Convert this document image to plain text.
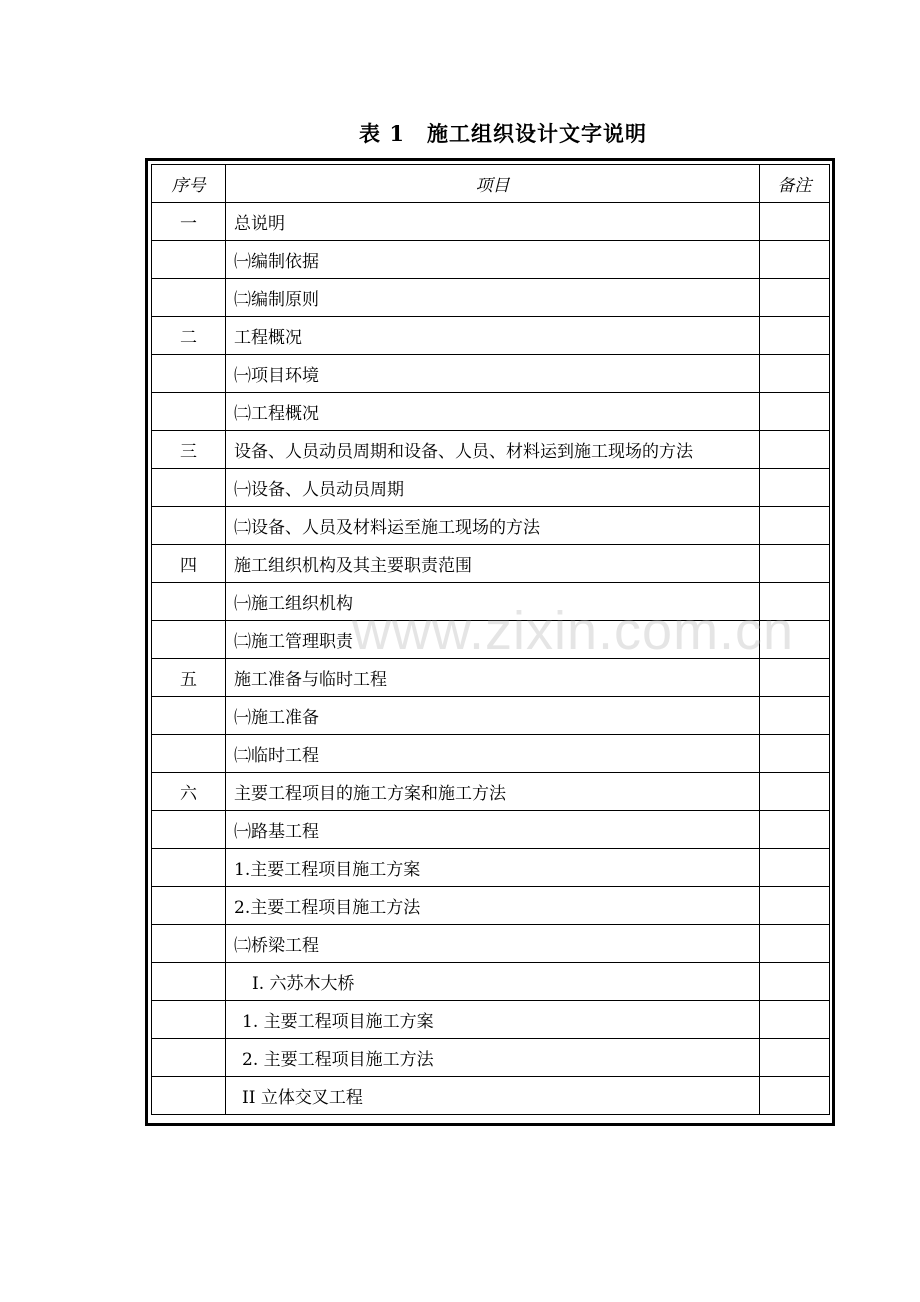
表 1　施工组织设计文字说明
序号	项目	备注
一	总说明	
	㈠编制依据	
	㈡编制原则	
二	工程概况	
	㈠项目环境	
	㈡工程概况	
三	设备、人员动员周期和设备、人员、材料运到施工现场的方法	
	㈠设备、人员动员周期	
	㈡设备、人员及材料运至施工现场的方法	
四	施工组织机构及其主要职责范围	
	㈠施工组织机构	
	㈡施工管理职责	
五	施工准备与临时工程	
	㈠施工准备	
	㈡临时工程	
六	主要工程项目的施工方案和施工方法	
	㈠路基工程	
	1.主要工程项目施工方案	
	2.主要工程项目施工方法	
	㈡桥梁工程	
	Ⅰ. 六苏木大桥	
	1. 主要工程项目施工方案	
	2. 主要工程项目施工方法	
	II 立体交叉工程	
www.zixin.com.cn
